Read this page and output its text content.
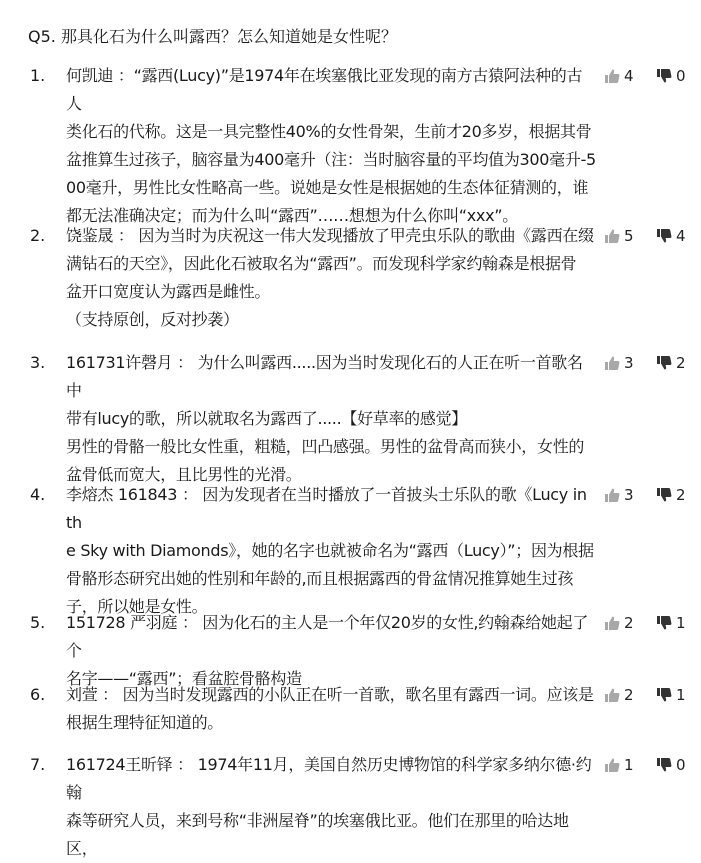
Q5. 那具化石为什么叫露西？怎么知道她是女性呢？
1. 何凯迪 ：“露西(Lucy)”是1974年在埃塞俄比亚发现的南方古猿阿法种的古人
类化石的代称。这是一具完整性40%的女性骨架，生前才20多岁，根据其骨
盆推算生过孩子，脑容量为400毫升（注：当时脑容量的平均值为300毫升-5
00毫升，男性比女性略高一些。说她是女性是根据她的生态体征猜测的，谁
都无法准确决定；而为什么叫“露西”……想想为什么你叫“xxx”。
4	0
2. 饶鉴晟 ： 因为当时为庆祝这一伟大发现播放了甲壳虫乐队的歌曲《露西在缀
满钻石的天空》，因此化石被取名为“露西”。而发现科学家约翰森是根据骨
盆开口宽度认为露西是雌性。
（支持原创，反对抄袭）
5	4
3. 161731许磬月 ： 为什么叫露西.....因为当时发现化石的人正在听一首歌名中
带有lucy的歌，所以就取名为露西了.....【好草率的感觉】
男性的骨骼一般比女性重，粗糙，凹凸感强。男性的盆骨高而狭小，女性的
盆骨低而宽大，且比男性的光滑。
3	2
4. 李熔杰 161843 ： 因为发现者在当时播放了一首披头士乐队的歌《Lucy in th
e Sky with Diamonds》，她的名字也就被命名为“露西（Lucy）”；因为根据
骨骼形态研究出她的性别和年龄的,而且根据露西的骨盆情况推算她生过孩
子，所以她是女性。
3	2
5. 151728 严羽庭 ： 因为化石的主人是一个年仅20岁的女性,约翰森给她起了个
名字——“露西”；看盆腔骨骼构造
2	1
6. 刘萱 ： 因为当时发现露西的小队正在听一首歌，歌名里有露西一词。应该是
根据生理特征知道的。
2	1
7. 161724王昕铎 ： 1974年11月，美国自然历史博物馆的科学家多纳尔德·约翰
森等研究人员，来到号称“非洲屋脊”的埃塞俄比亚。他们在那里的哈达地区，
1	0
